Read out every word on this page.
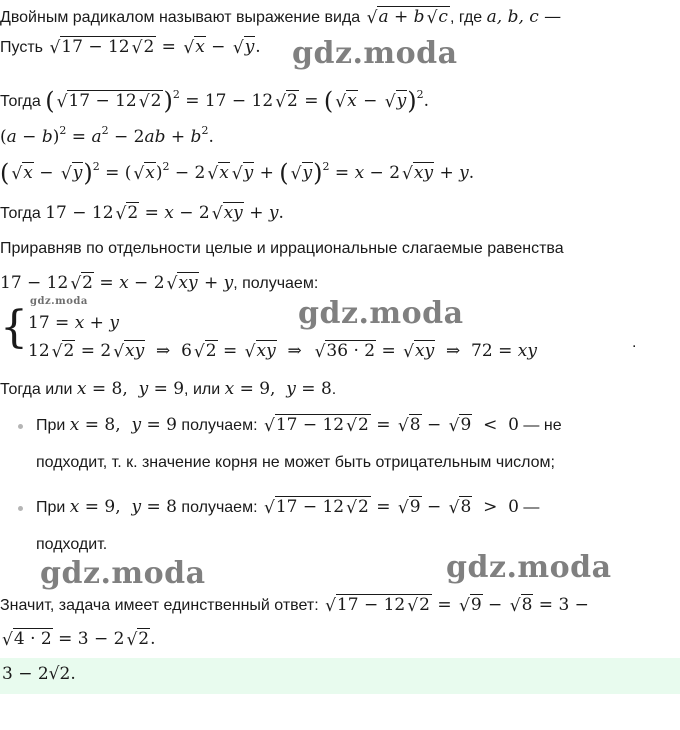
Двойным радикалом называют выражение вида √ a + b √ c , где a, b, c —
Пусть √ 17 − 12 √ 2 = √ x − √ y.
Тогда ( √ 17 − 12 √ 2)$^2$ = 17 − 12 √ 2 = ( √ x − √ y)$^2$.
$(a - b)^2 = a^2 - 2ab + b^2$.
( √ x − √ y)$^2$ = ( √ x)$^2$ − 2 √ x √ y + ( √ y)$^2$ = x − 2 √ xy + y.
Тогда 17 − 12 √ 2 = x − 2 √ xy + y.
Приравняв по отдельности целые и иррациональные слагаемые равенства
17 − 12 √ 2 = x − 2 √ xy + y, получаем:
{ 17 = x + y
12 √ 2 = 2 √ xy  ⇒  6 √ 2 = √ xy  ⇒  √ 36 · 2 = √ xy  ⇒  72 = xy	.
Тогда или x = 8,  y = 9, или x = 9,  y = 8.
При x = 8,  y = 9 получаем: √ 17 − 12 √ 2 = √ 8 − √ 9  <  0 — не
подходит, т. к. значение корня не может быть отрицательным числом;
При x = 9,  y = 8 получаем: √ 17 − 12 √ 2 = √ 9 − √ 8  >  0 —
подходит.
Значит, задача имеет единственный ответ: √ 17 − 12 √ 2 = √ 9 − √ 8 = 3 −
√ 4 · 2 = 3 − 2 √ 2.
3 − 2√2.
gdz.moda
gdz.moda	gdz.moda
gdz.moda	gdz.moda
